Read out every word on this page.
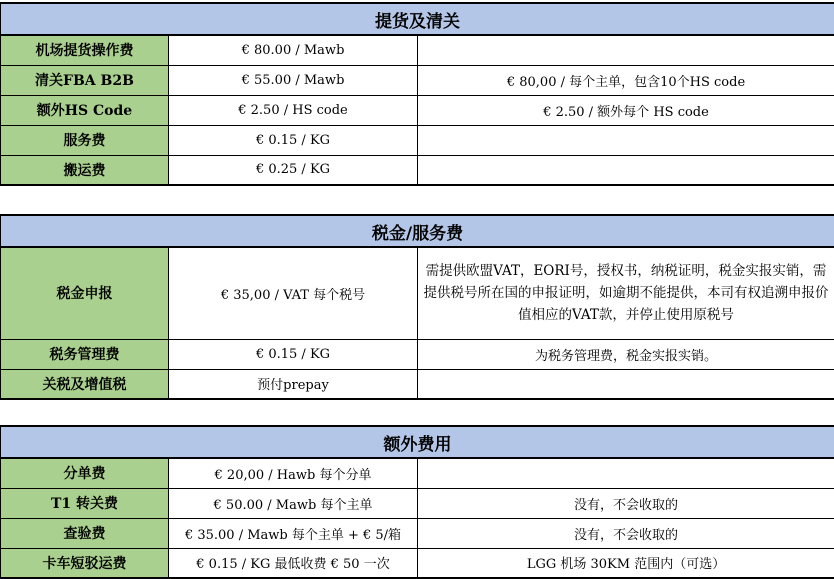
提货及清关		
机场提货操作费	€ 80.00 / Mawb	
清关FBA B2B	€ 55.00 / Mawb	€ 80,00 / 每个主单，包含10个HS code
额外HS Code	€ 2.50 / HS code	€ 2.50 / 额外每个 HS code
服务费	€ 0.15 / KG	
搬运费	€ 0.25 / KG	
税金/服务费		
税金申报	€ 35,00 / VAT 每个税号	需提供欧盟VAT，EORI号，授权书，纳税证明，税金实报实销，需提供税号所在国的申报证明，如逾期不能提供，本司有权追溯申报价值相应的VAT款，并停止使用原税号
税务管理费	€ 0.15 / KG	为税务管理费，税金实报实销。
关税及增值税	预付prepay	
额外费用		
分单费	€ 20,00 / Hawb 每个分单	
T1 转关费	€ 50.00 / Mawb 每个主单	没有，不会收取的
查验费	€ 35.00 / Mawb 每个主单 + € 5/箱	没有，不会收取的
卡车短驳运费	€ 0.15 / KG 最低收费 € 50 一次	LGG 机场 30KM 范围内（可选）
